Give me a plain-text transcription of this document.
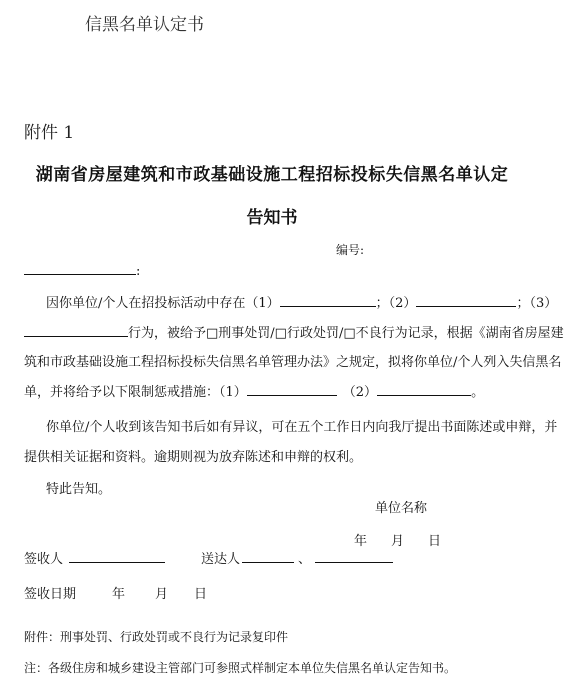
信黑名单认定书
附件 1
湖南省房屋建筑和市政基础设施工程招标投标失信黑名单认定
告知书
编号:
:
因你单位/个人在招投标活动中存在（1）	；（2）	；（3）
行为，被给予□刑事处罚/□行政处罚/□不良行为记录，根据《湖南省房屋建
筑和市政基础设施工程招标投标失信黑名单管理办法》之规定，拟将你单位/个人列入失信黑名
单，并将给予以下限制惩戒措施：（1）	（2）	。
你单位/个人收到该告知书后如有异议，可在五个工作日内向我厅提出书面陈述或申辩，并
提供相关证据和资料。逾期则视为放弃陈述和申辩的权利。
特此告知。
单位名称
年 月 日
签收人	送达人	、
签收日期	年 月 日
附件：刑事处罚、行政处罚或不良行为记录复印件
注：各级住房和城乡建设主管部门可参照式样制定本单位失信黑名单认定告知书。
